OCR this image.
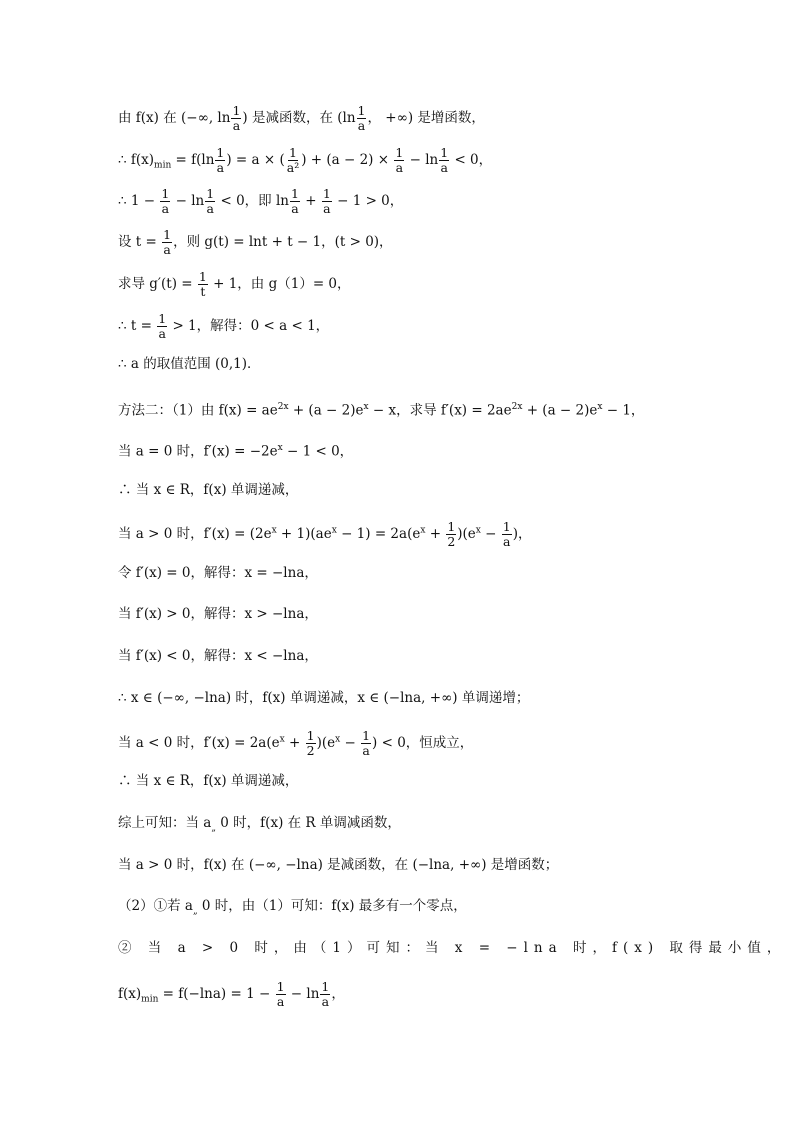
由 f(x) 在 (−∞, $\ln \frac{1}{a}$ ) 是减函数，在 ($\ln \frac{1}{a}$ ， +∞) 是增函数，
∴ $f(x)_{min} = f(\ln \frac{1}{a}$ ) = a × ( $\frac{1}{\text{a²}}$ ) + $(a - 2) \times \frac{1}{a} - \ln \frac{1}{a} < 0$，
∴ $1 - \frac{1}{a} - \ln \frac{1}{a} < 0$，即 $\ln \frac{1}{a} + \frac{1}{a} - 1 > 0$，
设 $t = \frac{1}{a}$ ，则 g(t) = lnt + t − 1，(t > 0)，
求导 $g'(t) = \frac{1}{t} + 1$，由 g（1）= 0，
∴ $t = \frac{1}{a} > 1$，解得：0 < a < 1，
∴ a 的取值范围 (0,1)．
方法二：（1）由 $f(x) = ae^{2x} + (a - 2)e^x - x$，求导 $f'(x) = 2ae^{2x} + (a - 2)e^x - 1$，
当 a = 0 时，$f'(x) = -2e^x - 1 < 0$，
∴ 当 x ∈ R，f(x) 单调递减，
当 a > 0 时，$f'(x) = (2e^x + 1)(ae^x - 1) = 2a(e^x + \frac{1}{2} )(e^x - \frac{1}{a}$ )，
令 f′(x) = 0，解得：x = −lna，
当 f′(x) > 0，解得：x > −lna，
当 f′(x) < 0，解得：x < −lna，
∴ x ∈ (−∞, −lna) 时，f(x) 单调递减，x ∈ (−lna, +∞) 单调递增；
当 a < 0 时，$f'(x) = 2a(e^x + \frac{1}{2} )(e^x - \frac{1}{a}$ ) < 0，恒成立，
∴ 当 x ∈ R，f(x) 单调递减，
综上可知：当 $a_„$ 0 时，f(x) 在 R 单调减函数，
当 a > 0 时，f(x) 在 (−∞, −lna) 是减函数，在 (−lna, +∞) 是增函数；
（2）①若 $a_„$ 0 时，由（1）可知：f(x) 最多有一个零点，
② 当 a > 0 时，由（1）可知：当 x = −lna 时，f(x) 取得最小值，
$f(x)_{min} = f(-\ln a) = 1 - \frac{1}{a} - \ln \frac{1}{a}$ ，
